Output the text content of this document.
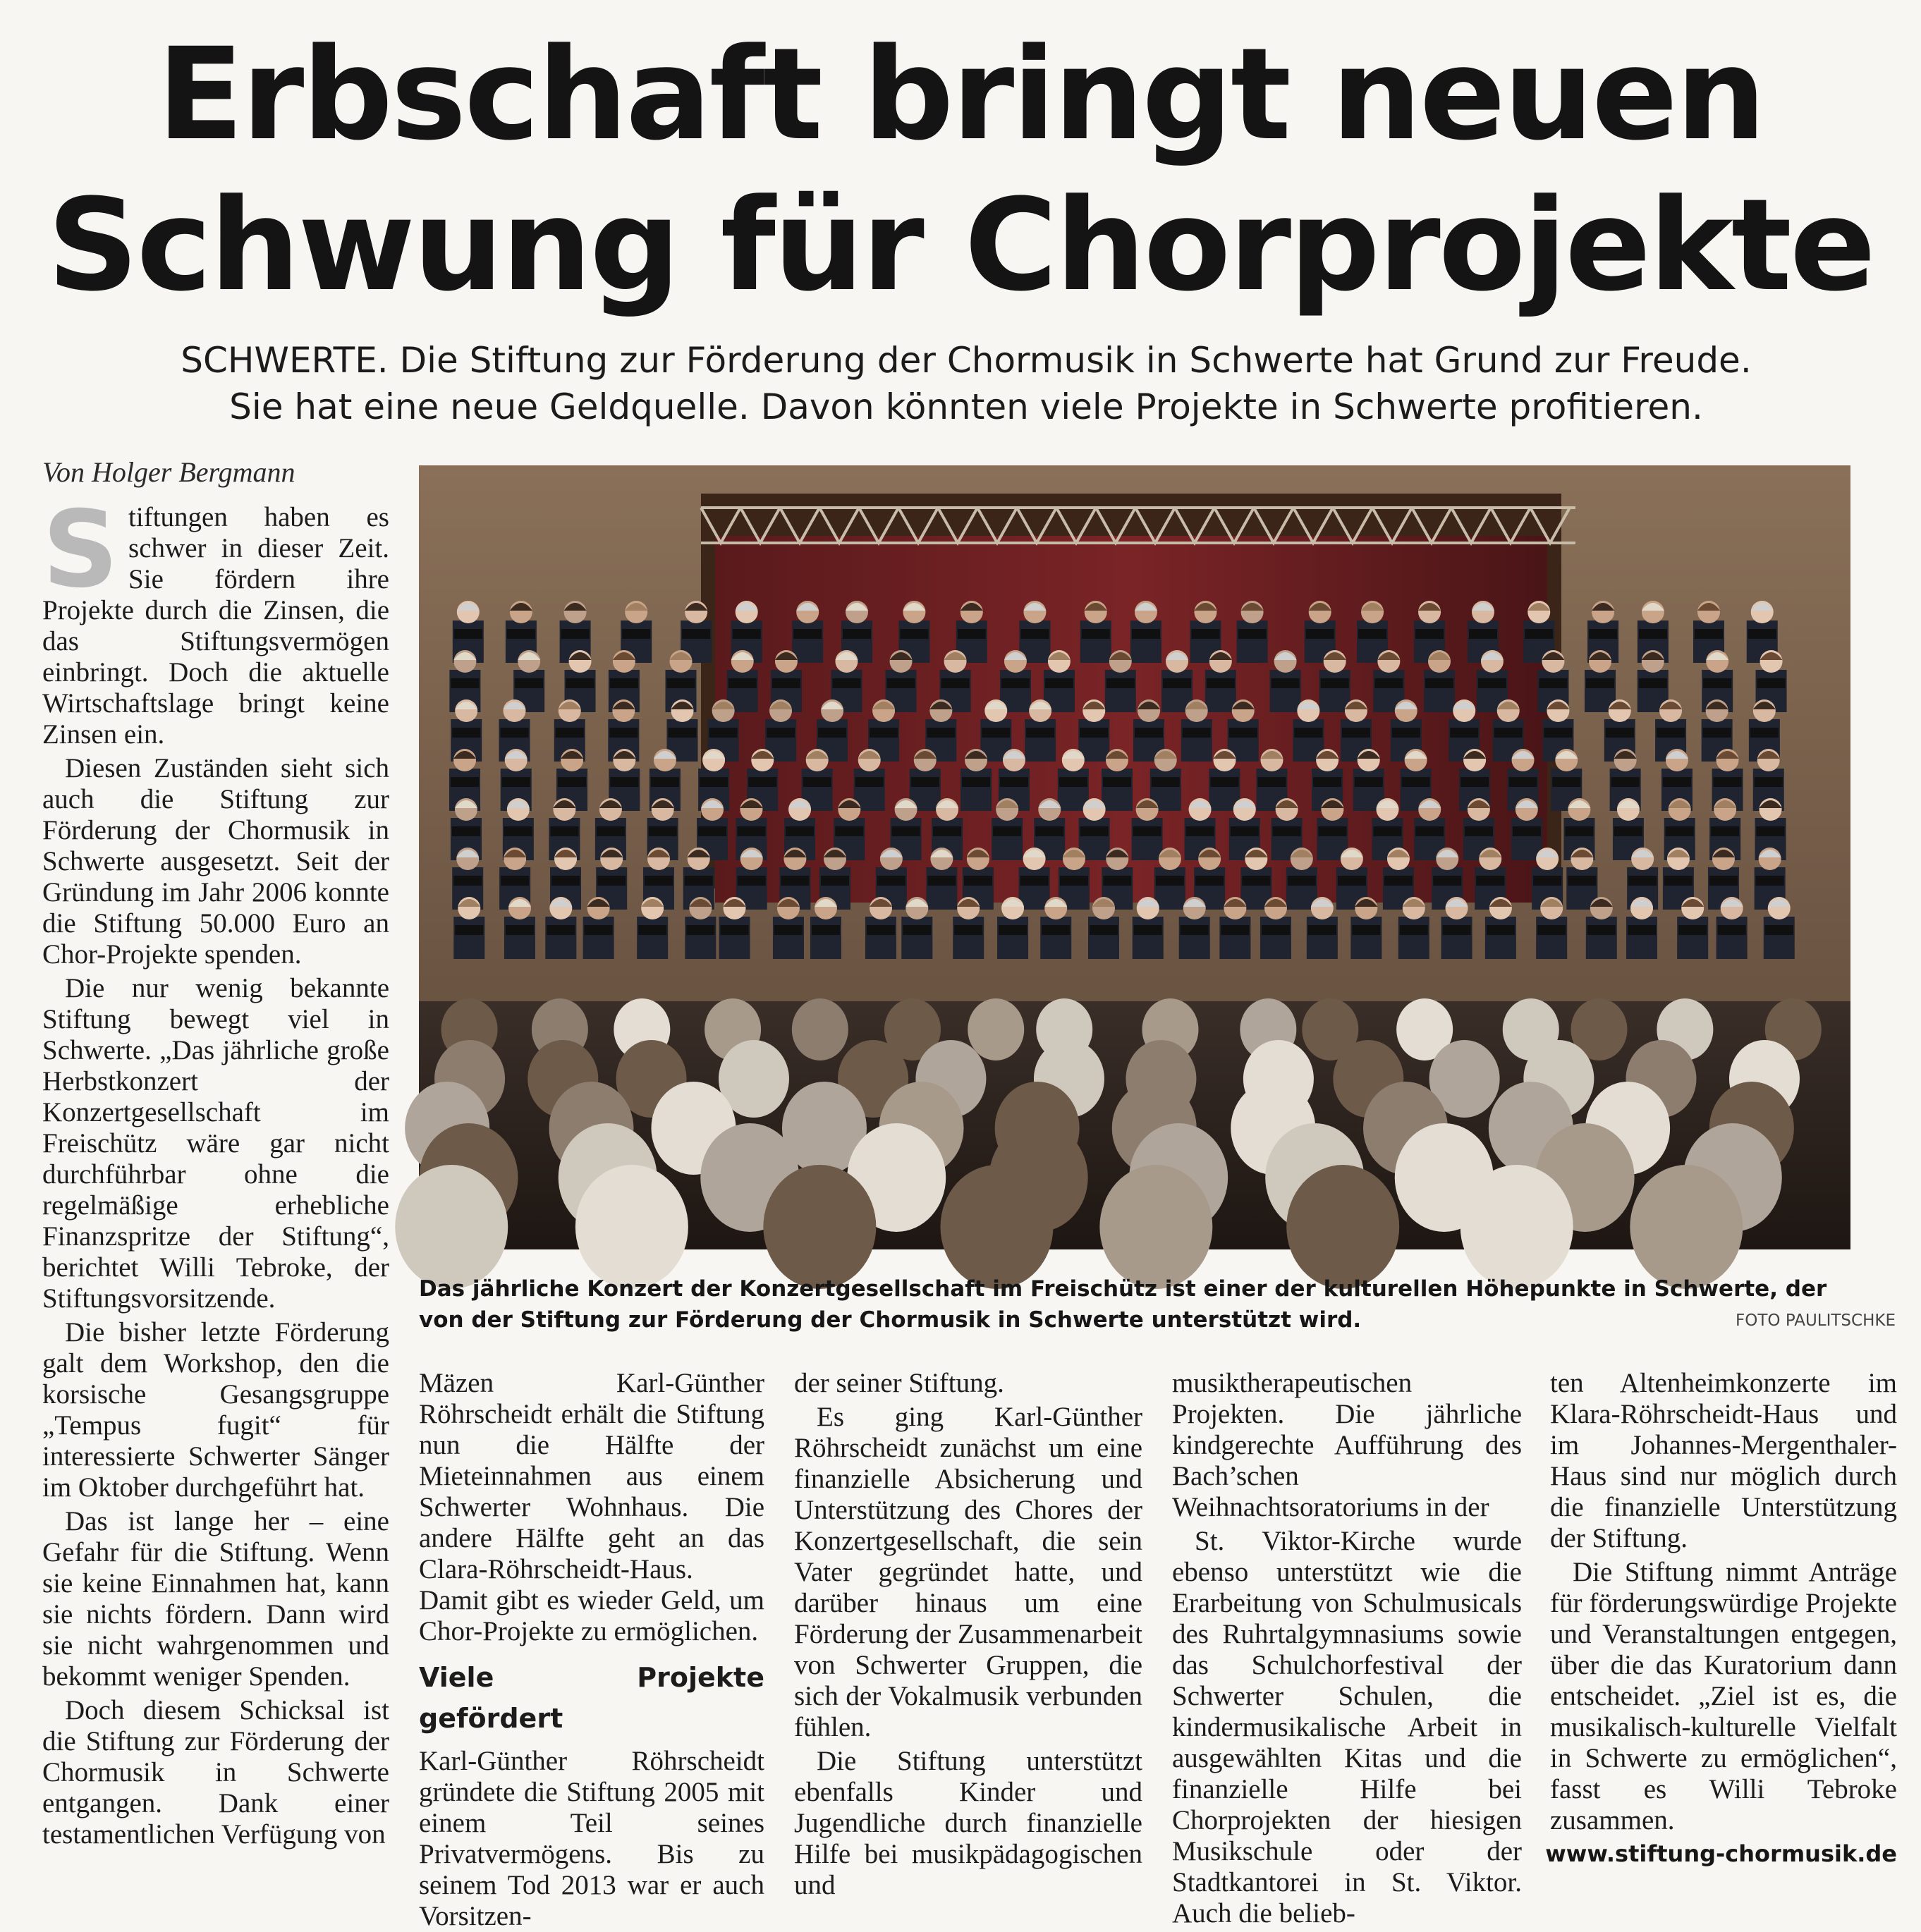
Erbschaft bringt neuen
Schwung für Chorprojekte
SCHWERTE. Die Stiftung zur Förderung der Chormusik in Schwerte hat Grund zur Freude.
Sie hat eine neue Geldquelle. Davon könnten viele Projekte in Schwerte profitieren.
Von Holger Bergmann

S tiftungen haben es schwer in dieser Zeit. Sie fördern ihre Projekte durch die Zinsen, die das Stiftungsvermögen einbringt. Doch die aktuelle Wirtschaftslage bringt keine Zinsen ein.

Diesen Zuständen sieht sich auch die Stiftung zur Förderung der Chormusik in Schwerte ausgesetzt. Seit der Gründung im Jahr 2006 konnte die Stiftung 50.000 Euro an Chor-Projekte spenden.

Die nur wenig bekannte Stiftung bewegt viel in Schwerte. „Das jährliche große Herbstkonzert der Konzertgesellschaft im Freischütz wäre gar nicht durchführbar ohne die regelmäßige erhebliche Finanzspritze der Stiftung“, berichtet Willi Tebroke, der Stiftungsvorsitzende.

Die bisher letzte Förderung galt dem Workshop, den die korsische Gesangsgruppe „Tempus fugit“ für interessierte Schwerter Sänger im Oktober durchgeführt hat.

Das ist lange her – eine Gefahr für die Stiftung. Wenn sie keine Einnahmen hat, kann sie nichts fördern. Dann wird sie nicht wahrgenommen und bekommt weniger Spenden.

Doch diesem Schicksal ist die Stiftung zur Förderung der Chormusik in Schwerte entgangen. Dank einer testamentlichen Verfügung von

Das jährliche Konzert der Konzertgesellschaft im Freischütz ist einer der kulturellen Höhepunkte in Schwerte, der von der Stiftung zur Förderung der Chormusik in Schwerte unterstützt wird.	FOTO PAULITSCHKE

Mäzen Karl-Günther Röhrscheidt erhält die Stiftung nun die Hälfte der Mieteinnahmen aus einem Schwerter Wohnhaus. Die andere Hälfte geht an das Clara-Röhrscheidt-Haus. Damit gibt es wieder Geld, um Chor-Projekte zu ermöglichen.

Viele Projekte gefördert

Karl-Günther Röhrscheidt gründete die Stiftung 2005 mit einem Teil seines Privatvermögens. Bis zu seinem Tod 2013 war er auch Vorsitzen-

der seiner Stiftung.

Es ging Karl-Günther Röhrscheidt zunächst um eine finanzielle Absicherung und Unterstützung des Chores der Konzertgesellschaft, die sein Vater gegründet hatte, und darüber hinaus um eine Förderung der Zusammenarbeit von Schwerter Gruppen, die sich der Vokalmusik verbunden fühlen.

Die Stiftung unterstützt ebenfalls Kinder und Jugendliche durch finanzielle Hilfe bei musikpädagogischen und

musiktherapeutischen Projekten. Die jährliche kindgerechte Aufführung des Bach’schen Weihnachtsoratoriums in der

St. Viktor-Kirche wurde ebenso unterstützt wie die Erarbeitung von Schulmusicals des Ruhrtalgymnasiums sowie das Schulchorfestival der Schwerter Schulen, die kindermusikalische Arbeit in ausgewählten Kitas und die finanzielle Hilfe bei Chorprojekten der hiesigen Musikschule oder der Stadtkantorei in St. Viktor. Auch die belieb-

ten Altenheimkonzerte im Klara-Röhrscheidt-Haus und im Johannes-Mergenthaler-Haus sind nur möglich durch die finanzielle Unterstützung der Stiftung.

Die Stiftung nimmt Anträge für förderungswürdige Projekte und Veranstaltungen entgegen, über die das Kuratorium dann entscheidet. „Ziel ist es, die musikalisch-kulturelle Vielfalt in Schwerte zu ermöglichen“, fasst es Willi Tebroke zusammen.

www.stiftung-chormusik.de
